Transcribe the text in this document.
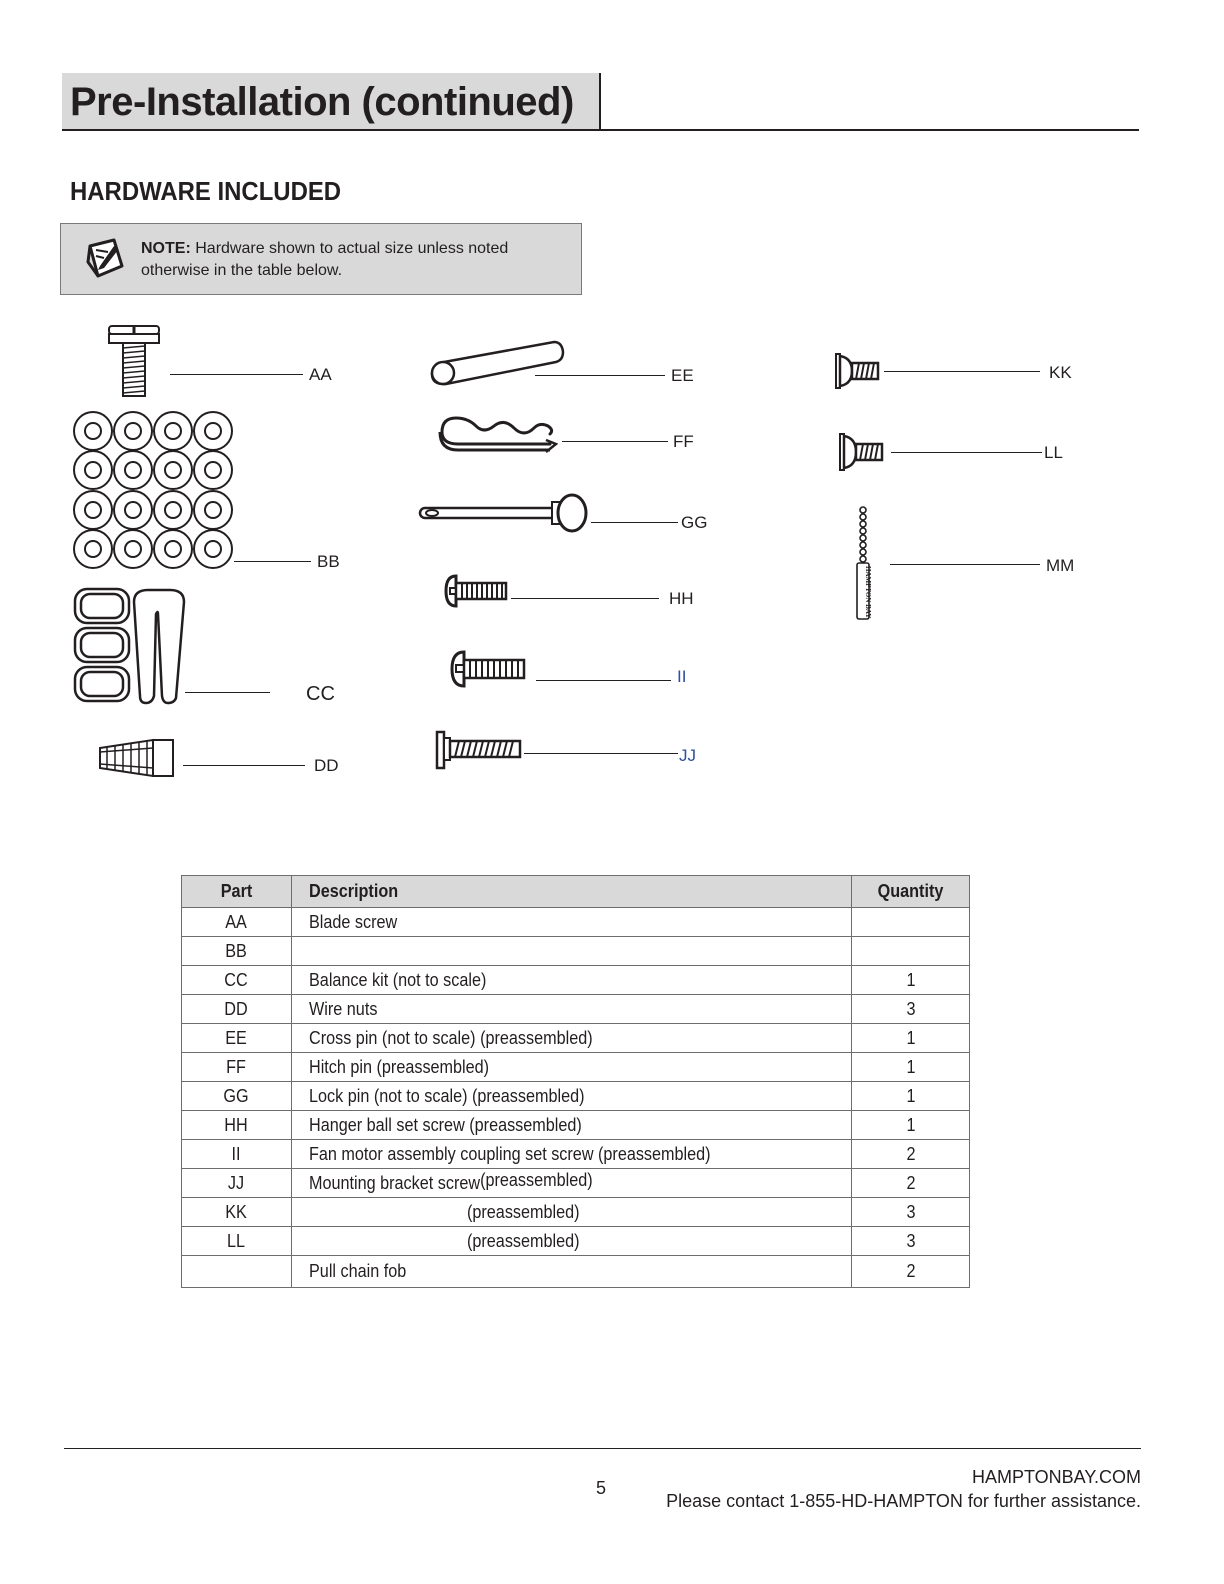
Pre-Installation (continued)
HARDWARE INCLUDED
NOTE: Hardware shown to actual size unless noted otherwise in the table below.
AA
BB
CC
DD
EE
FF
GG
HH
II
JJ
KK
LL
HAMPTON BAY
MM
Part	Description	Quantity
AA	Blade screw	
BB		
CC	Balance kit (not to scale)	1
DD	Wire nuts	3
EE	Cross pin (not to scale) (preassembled)	1
FF	Hitch pin (preassembled)	1
GG	Lock pin (not to scale) (preassembled)	1
HH	Hanger ball set screw (preassembled)	1
II	Fan motor assembly coupling set screw (preassembled)	2
JJ	Mounting bracket screw(preassembled)	2
KK	(preassembled)	3
LL	(preassembled)	3
	Pull chain fob	2
5
HAMPTONBAY.COM
Please contact 1-855-HD-HAMPTON for further assistance.
